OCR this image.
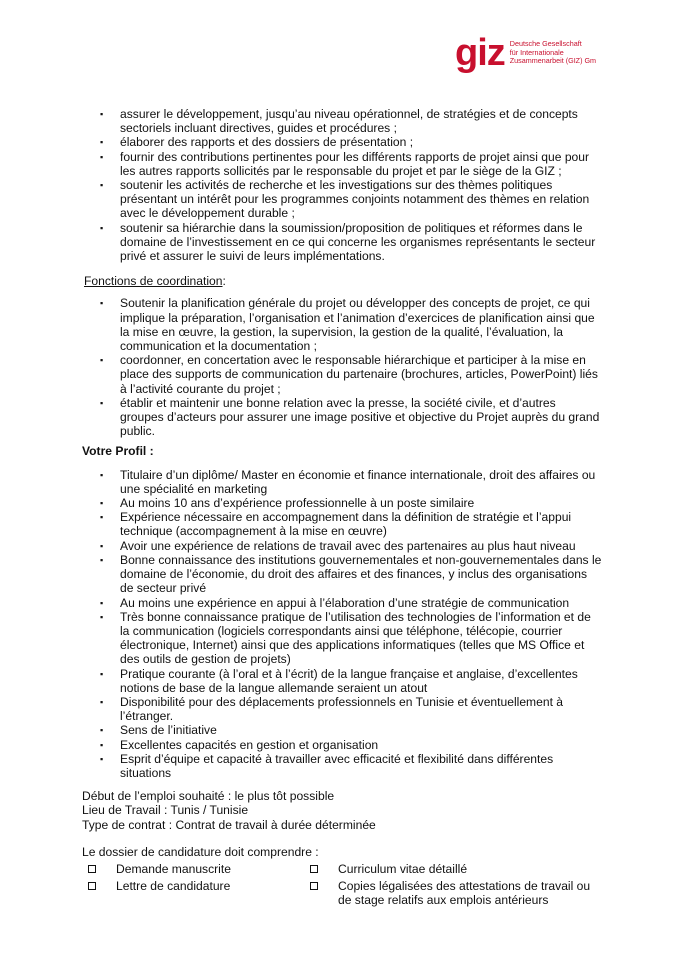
giz Deutsche Gesellschaft
für Internationale
Zusammenarbeit (GIZ) Gm
▪ assurer le développement, jusqu’au niveau opérationnel, de stratégies et de concepts sectoriels incluant directives, guides et procédures ;
▪ élaborer des rapports et des dossiers de présentation ;
▪ fournir des contributions pertinentes pour les différents rapports de projet ainsi que pour les autres rapports sollicités par le responsable du projet et par le siège de la GIZ ;
▪ soutenir les activités de recherche et les investigations sur des thèmes politiques présentant un intérêt pour les programmes conjoints notamment des thèmes en relation avec le développement durable ;
▪ soutenir sa hiérarchie dans la soumission/proposition de politiques et réformes dans le domaine de l’investissement en ce qui concerne les organismes représentants le secteur privé et assurer le suivi de leurs implémentations.
Fonctions de coordination:
▪ Soutenir la planification générale du projet ou développer des concepts de projet, ce qui implique la préparation, l’organisation et l’animation d’exercices de planification ainsi que la mise en œuvre, la gestion, la supervision, la gestion de la qualité, l’évaluation, la communication et la documentation ;
▪ coordonner, en concertation avec le responsable hiérarchique et participer à la mise en place des supports de communication du partenaire (brochures, articles, PowerPoint) liés à l’activité courante du projet ;
▪ établir et maintenir une bonne relation avec la presse, la société civile, et d’autres groupes d’acteurs pour assurer une image positive et objective du Projet auprès du grand public.
Votre Profil :
▪ Titulaire d’un diplôme/ Master en économie et finance internationale, droit des affaires ou une spécialité en marketing
▪ Au moins 10 ans d’expérience professionnelle à un poste similaire
▪ Expérience nécessaire en accompagnement dans la définition de stratégie et l’appui technique (accompagnement à la mise en œuvre)
▪ Avoir une expérience de relations de travail avec des partenaires au plus haut niveau
▪ Bonne connaissance des institutions gouvernementales et non-gouvernementales dans le domaine de l’économie, du droit des affaires et des finances, y inclus des organisations de secteur privé
▪ Au moins une expérience en appui à l’élaboration d’une stratégie de communication
▪ Très bonne connaissance pratique de l’utilisation des technologies de l’information et de la communication (logiciels correspondants ainsi que téléphone, télécopie, courrier électronique, Internet) ainsi que des applications informatiques (telles que MS Office et des outils de gestion de projets)
▪ Pratique courante (à l’oral et à l’écrit) de la langue française et anglaise, d’excellentes notions de base de la langue allemande seraient un atout
▪ Disponibilité pour des déplacements professionnels en Tunisie et éventuellement à l’étranger.
▪ Sens de l’initiative
▪ Excellentes capacités en gestion et organisation
▪ Esprit d’équipe et capacité à travailler avec efficacité et flexibilité dans différentes situations
Début de l’emploi souhaité : le plus tôt possible
Lieu de Travail : Tunis / Tunisie
Type de contrat : Contrat de travail à durée déterminée
Le dossier de candidature doit comprendre :
Demande manuscrite	Curriculum vitae détaillé
Lettre de candidature	Copies légalisées des attestations de travail ou de stage relatifs aux emplois antérieurs
